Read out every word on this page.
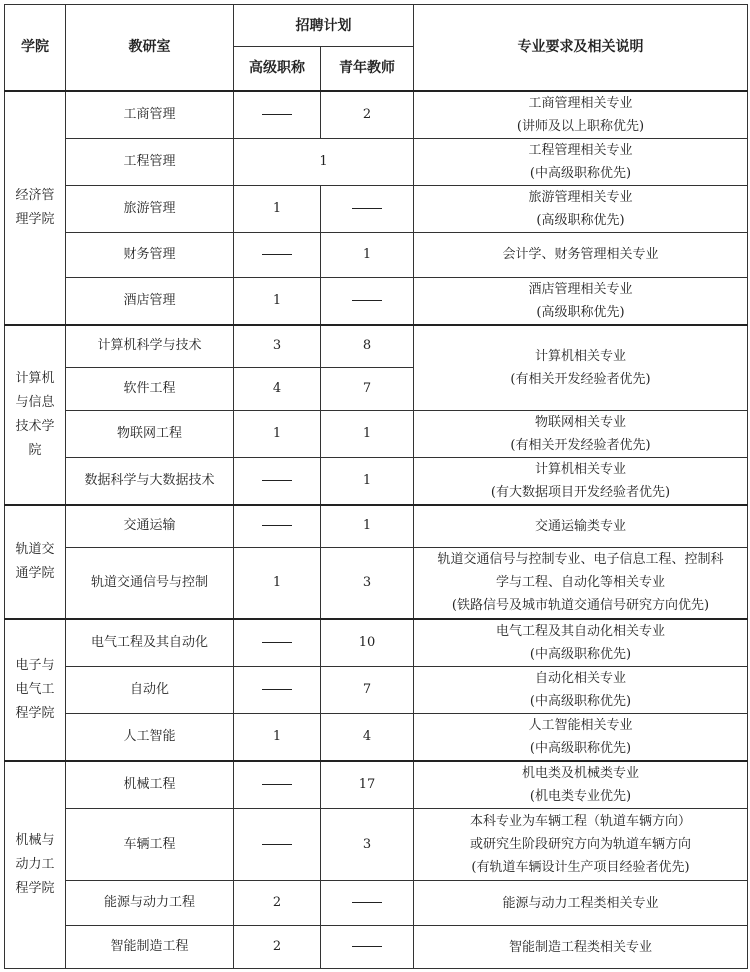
学院	教研室	招聘计划		专业要求及相关说明
		高级职称	青年教师	
经济管理学院	工商管理		2	工商管理相关专业
(讲师及以上职称优先)

	工程管理	1		工程管理相关专业
(中高级职称优先)

	旅游管理	1		旅游管理相关专业
(高级职称优先)

	财务管理		1	会计学、财务管理相关专业

	酒店管理	1		酒店管理相关专业
(高级职称优先)

计算机与信息技术学院	计算机科学与技术	3	8	计算机相关专业
(有相关开发经验者优先)

	软件工程	4	7	
	物联网工程	1	1	物联网相关专业
(有相关开发经验者优先)

	数据科学与大数据技术		1	计算机相关专业
(有大数据项目开发经验者优先)

轨道交通学院	交通运输		1	交通运输类专业

	轨道交通信号与控制	1	3	轨道交通信号与控制专业、电子信息工程、控制科
学与工程、自动化等相关专业
(铁路信号及城市轨道交通信号研究方向优先)

电子与电气工程学院	电气工程及其自动化		10	电气工程及其自动化相关专业
(中高级职称优先)

	自动化		7	自动化相关专业
(中高级职称优先)

	人工智能	1	4	人工智能相关专业
(中高级职称优先)

机械与动力工程学院	机械工程		17	机电类及机械类专业
(机电类专业优先)

	车辆工程		3	本科专业为车辆工程（轨道车辆方向）
或研究生阶段研究方向为轨道车辆方向
(有轨道车辆设计生产项目经验者优先)

	能源与动力工程	2		能源与动力工程类相关专业

	智能制造工程	2		智能制造工程类相关专业
